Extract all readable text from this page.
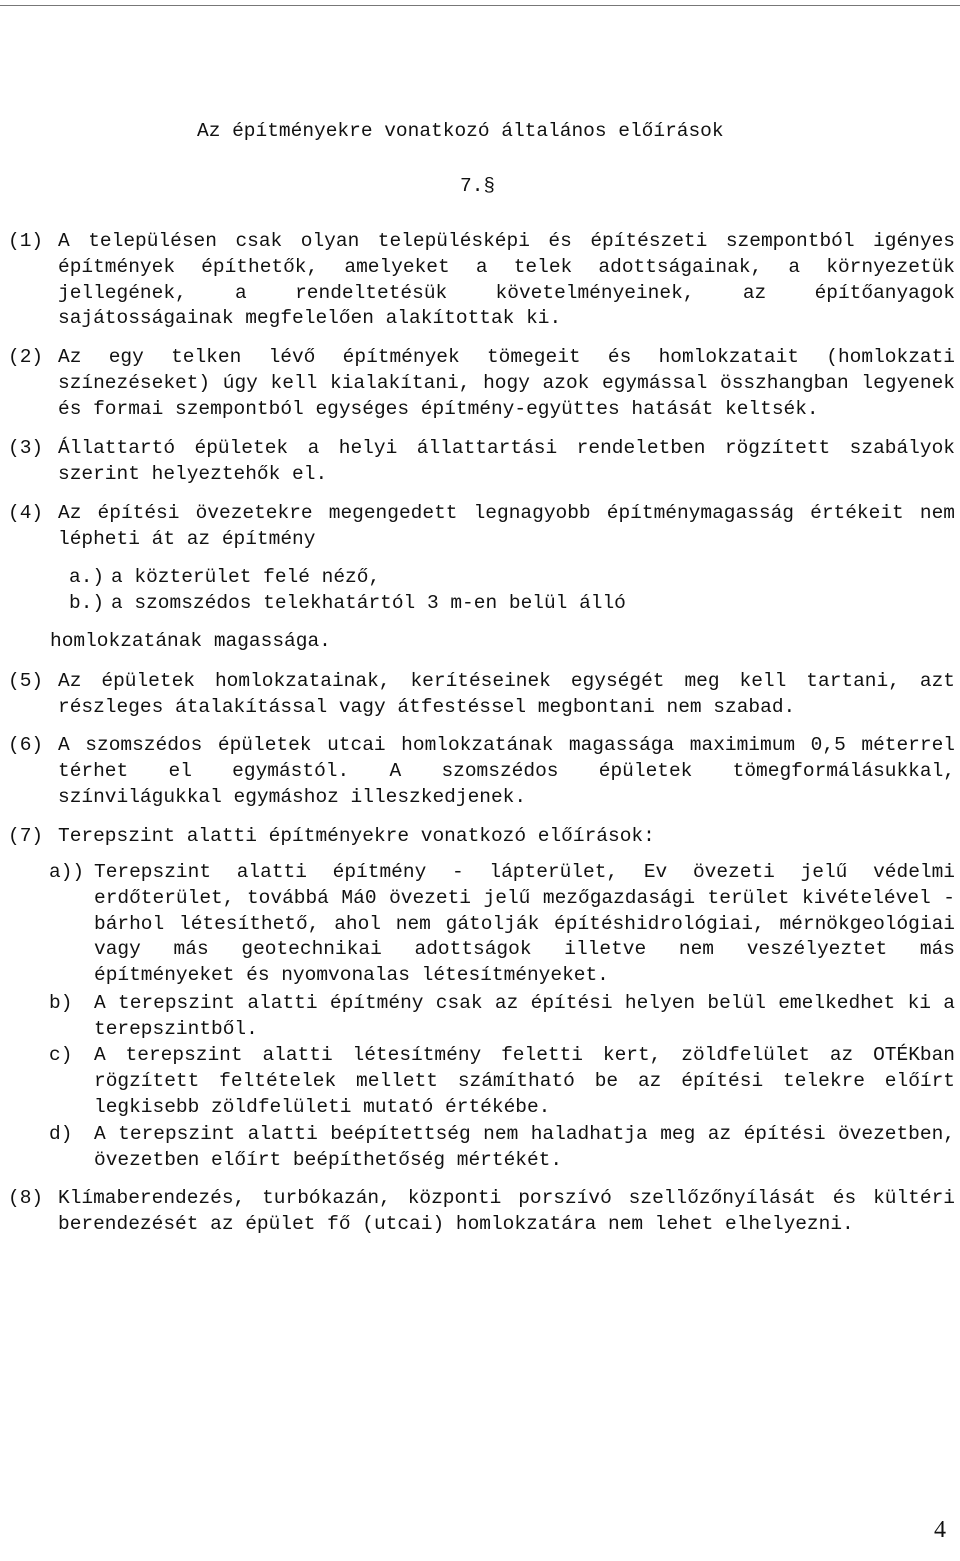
Az építményekre vonatkozó általános előírások
7.§
(1) A településen csak olyan településképi és építészeti szempontból igényes építmények építhetők, amelyeket a telek adottságainak, a környezetük jellegének, a rendeltetésük követelményeinek, az építőanyagok sajátosságainak megfelelően alakítottak ki.
(2) Az egy telken lévő építmények tömegeit és homlokzatait (homlokzati színezéseket) úgy kell kialakítani, hogy azok egymással összhangban legyenek és formai szempontból egységes építmény-együttes hatását keltsék.
(3) Állattartó épületek a helyi állattartási rendeletben rögzített szabályok szerint helyeztehők el.
(4) Az építési övezetekre megengedett legnagyobb építménymagasság értékeit nem lépheti át az építmény
a.) a közterület felé néző,
b.) a szomszédos telekhatártól 3 m-en belül álló
homlokzatának magassága.
(5) Az épületek homlokzatainak, kerítéseinek egységét meg kell tartani, azt részleges átalakítással vagy átfestéssel megbontani nem szabad.
(6) A szomszédos épületek utcai homlokzatának magassága maximimum 0,5 méterrel térhet el egymástól. A szomszédos épületek tömegformálásukkal, színvilágukkal egymáshoz illeszkedjenek.
(7) Terepszint alatti építményekre vonatkozó előírások:
a)) Terepszint alatti építmény - lápterület, Ev övezeti jelű védelmi erdőterület, továbbá Má0 övezeti jelű mezőgazdasági terület kivételével - bárhol létesíthető, ahol nem gátolják építéshidrológiai, mérnökgeológiai vagy más geotechnikai adottságok illetve nem veszélyeztet más építményeket és nyomvonalas létesítményeket.
b) A terepszint alatti építmény csak az építési helyen belül emelkedhet ki a terepszintből.
c) A terepszint alatti létesítmény feletti kert, zöldfelület az OTÉKban rögzített feltételek mellett számítható be az építési telekre előírt legkisebb zöldfelületi mutató értékébe.
d) A terepszint alatti beépítettség nem haladhatja meg az építési övezetben, övezetben előírt beépíthetőség mértékét.
(8) Klímaberendezés, turbókazán, központi porszívó szellőzőnyílását és kültéri berendezését az épület fő (utcai) homlokzatára nem lehet elhelyezni.
4
